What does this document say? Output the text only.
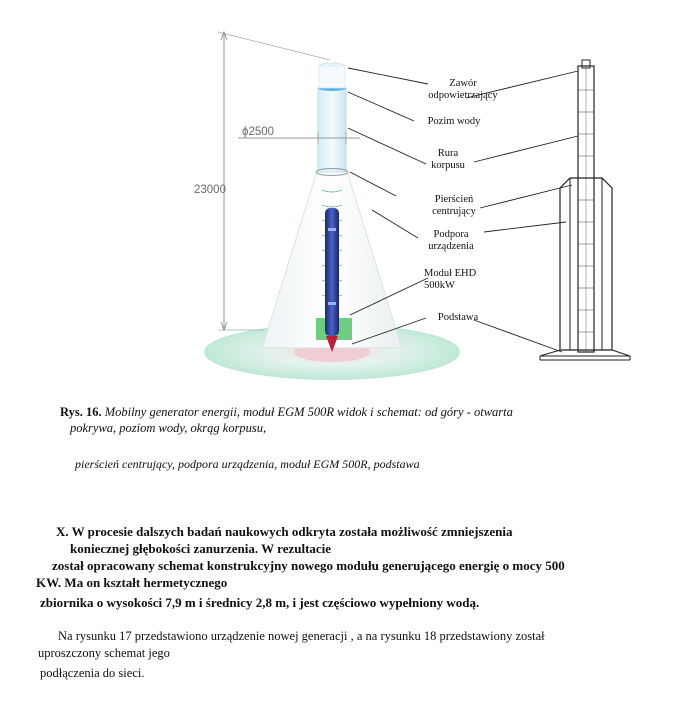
23000
ϕ2500
Zawór
odpowietrzający
Pozim wody
Rura
korpusu
Pierścień
centrujący
Podpora
urządzenia
Moduł EHD
500kW
Podstawa
Rys. 16. Mobilny generator energii, moduł EGM 500R widok i schemat: od góry - otwarta
pokrywa, poziom wody, okrąg korpusu,
pierścień centrujący, podpora urządzenia, moduł EGM 500R, podstawa
X. W procesie dalszych badań naukowych odkryta została możliwość zmniejszenia
koniecznej głębokości zanurzenia. W rezultacie
został opracowany schemat konstrukcyjny nowego modułu generującego energię o mocy 500
KW. Ma on kształt hermetycznego
zbiornika o wysokości 7,9 m i średnicy 2,8 m, i jest częściowo wypełniony wodą.
Na rysunku 17 przedstawiono urządzenie nowej generacji , a na rysunku 18 przedstawiony został
uproszczony schemat jego
podłączenia do sieci.
